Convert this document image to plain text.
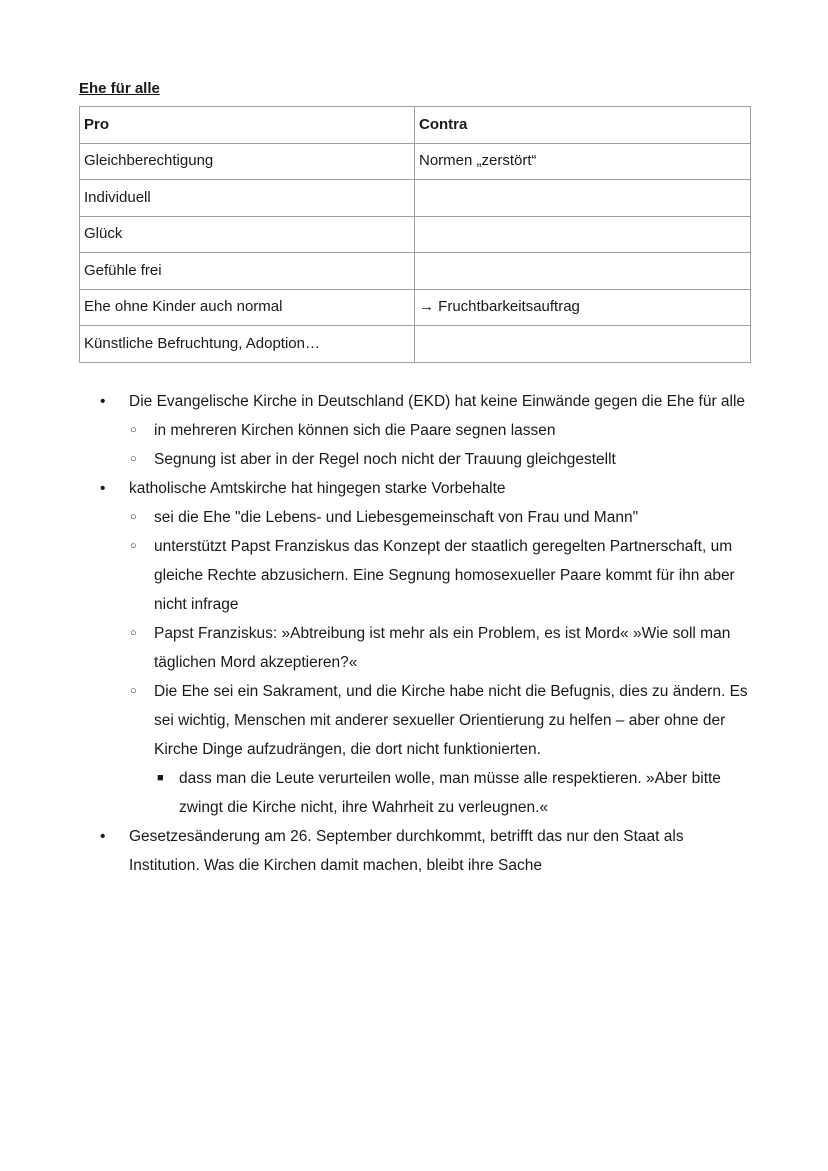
Ehe für alle
Pro	Contra
Gleichberechtigung	Normen „zerstört“
Individuell	
Glück	
Gefühle frei	
Ehe ohne Kinder auch normal	→ Fruchtbarkeitsauftrag
Künstliche Befruchtung, Adoption…	
• Die Evangelische Kirche in Deutschland (EKD) hat keine Einwände gegen die Ehe für alle
○ in mehreren Kirchen können sich die Paare segnen lassen
○ Segnung ist aber in der Regel noch nicht der Trauung gleichgestellt
• katholische Amtskirche hat hingegen starke Vorbehalte
○ sei die Ehe "die Lebens- und Liebesgemeinschaft von Frau und Mann"
○ unterstützt Papst Franziskus das Konzept der staatlich geregelten Partnerschaft, um gleiche Rechte abzusichern. Eine Segnung homosexueller Paare kommt für ihn aber nicht infrage
○ Papst Franziskus: »Abtreibung ist mehr als ein Problem, es ist Mord« »Wie soll man täglichen Mord akzeptieren?«
○ Die Ehe sei ein Sakrament, und die Kirche habe nicht die Befugnis, dies zu ändern. Es sei wichtig, Menschen mit anderer sexueller Orientierung zu helfen – aber ohne der Kirche Dinge aufzudrängen, die dort nicht funktionierten.
■ dass man die Leute verurteilen wolle, man müsse alle respektieren. »Aber bitte zwingt die Kirche nicht, ihre Wahrheit zu verleugnen.«
• Gesetzesänderung am 26. September durchkommt, betrifft das nur den Staat als Institution. Was die Kirchen damit machen, bleibt ihre Sache
